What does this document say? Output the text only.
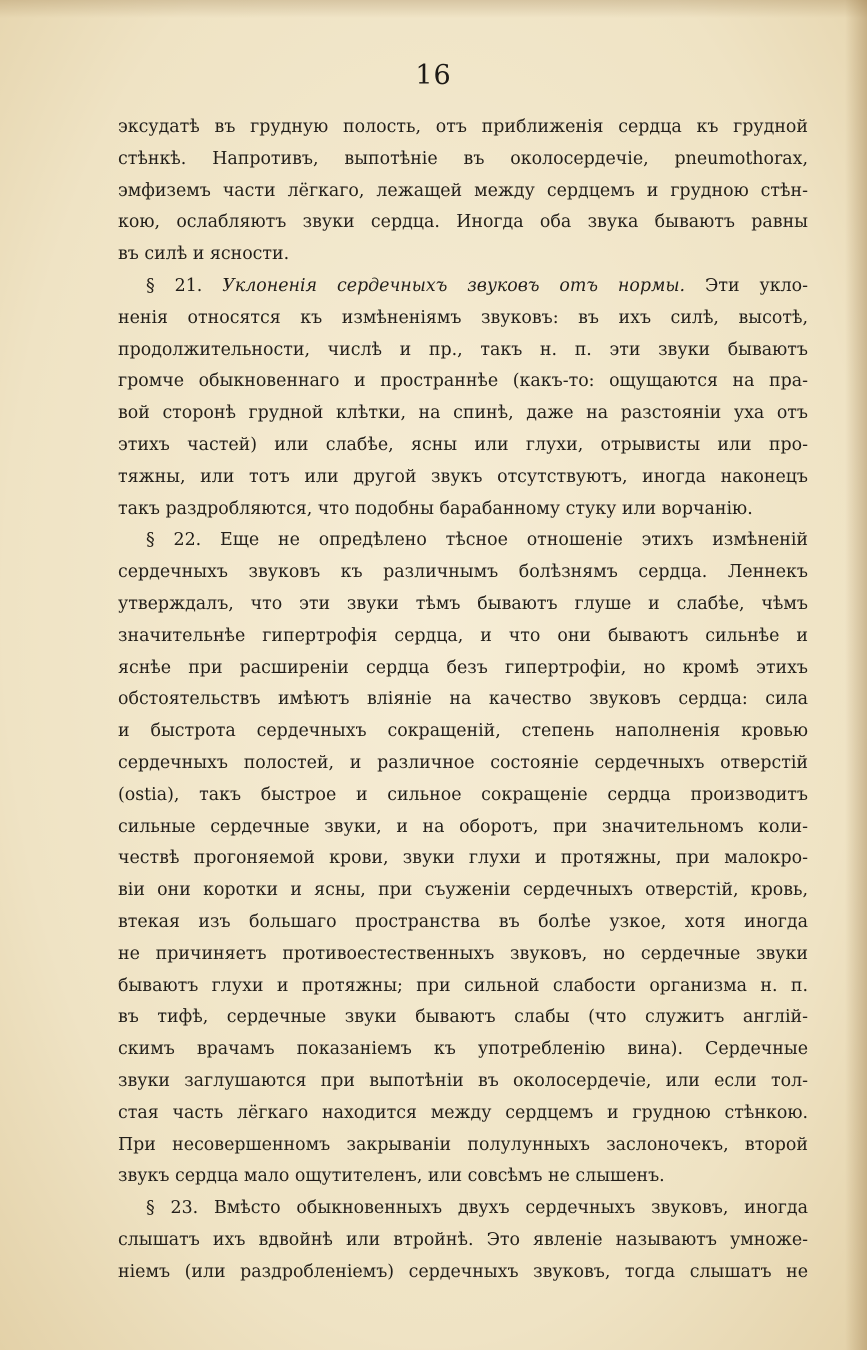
16
эксудатѣ въ грудную полость, отъ приближенія сердца къ грудной
стѣнкѣ. Напротивъ, выпотѣніе въ околосердечіе, pneumothorax,
эмфиземъ части лёгкаго, лежащей между сердцемъ и грудною стѣн-
кою, ослабляютъ звуки сердца. Иногда оба звука бываютъ равны
въ силѣ и ясности.
§ 21. Уклоненія сердечныхъ звуковъ отъ нормы. Эти укло-
ненія относятся къ измѣненіямъ звуковъ: въ ихъ силѣ, высотѣ,
продолжительности, числѣ и пр., такъ н. п. эти звуки бываютъ
громче обыкновеннаго и пространнѣе (какъ-то: ощущаются на пра-
вой сторонѣ грудной клѣтки, на спинѣ, даже на разстояніи уха отъ
этихъ частей) или слабѣе, ясны или глухи, отрывисты или про-
тяжны, или тотъ или другой звукъ отсутствуютъ, иногда наконецъ
такъ раздробляются, что подобны барабанному стуку или ворчанію.
§ 22. Еще не опредѣлено тѣсное отношеніе этихъ измѣненій
сердечныхъ звуковъ къ различнымъ болѣзнямъ сердца. Леннекъ
утверждалъ, что эти звуки тѣмъ бываютъ глуше и слабѣе, чѣмъ
значительнѣе гипертрофія сердца, и что они бываютъ сильнѣе и
яснѣе при расширеніи сердца безъ гипертрофіи, но кромѣ этихъ
обстоятельствъ имѣютъ вліяніе на качество звуковъ сердца: сила
и быстрота сердечныхъ сокращеній, степень наполненія кровью
сердечныхъ полостей, и различное состояніе сердечныхъ отверстій
(ostia), такъ быстрое и сильное сокращеніе сердца производитъ
сильные сердечные звуки, и на оборотъ, при значительномъ коли-
чествѣ прогоняемой крови, звуки глухи и протяжны, при малокро-
віи они коротки и ясны, при съуженіи сердечныхъ отверстій, кровь,
втекая изъ большаго пространства въ болѣе узкое, хотя иногда
не причиняетъ противоестественныхъ звуковъ, но сердечные звуки
бываютъ глухи и протяжны; при сильной слабости организма н. п.
въ тифѣ, сердечные звуки бываютъ слабы (что служитъ англій-
скимъ врачамъ показаніемъ къ употребленію вина). Сердечные
звуки заглушаются при выпотѣніи въ околосердечіе, или если тол-
стая часть лёгкаго находится между сердцемъ и грудною стѣнкою.
При несовершенномъ закрываніи полулунныхъ заслоночекъ, второй
звукъ сердца мало ощутителенъ, или совсѣмъ не слышенъ.
§ 23. Вмѣсто обыкновенныхъ двухъ сердечныхъ звуковъ, иногда
слышатъ ихъ вдвойнѣ или втройнѣ. Это явленіе называютъ умноже-
ніемъ (или раздробленіемъ) сердечныхъ звуковъ, тогда слышатъ не
